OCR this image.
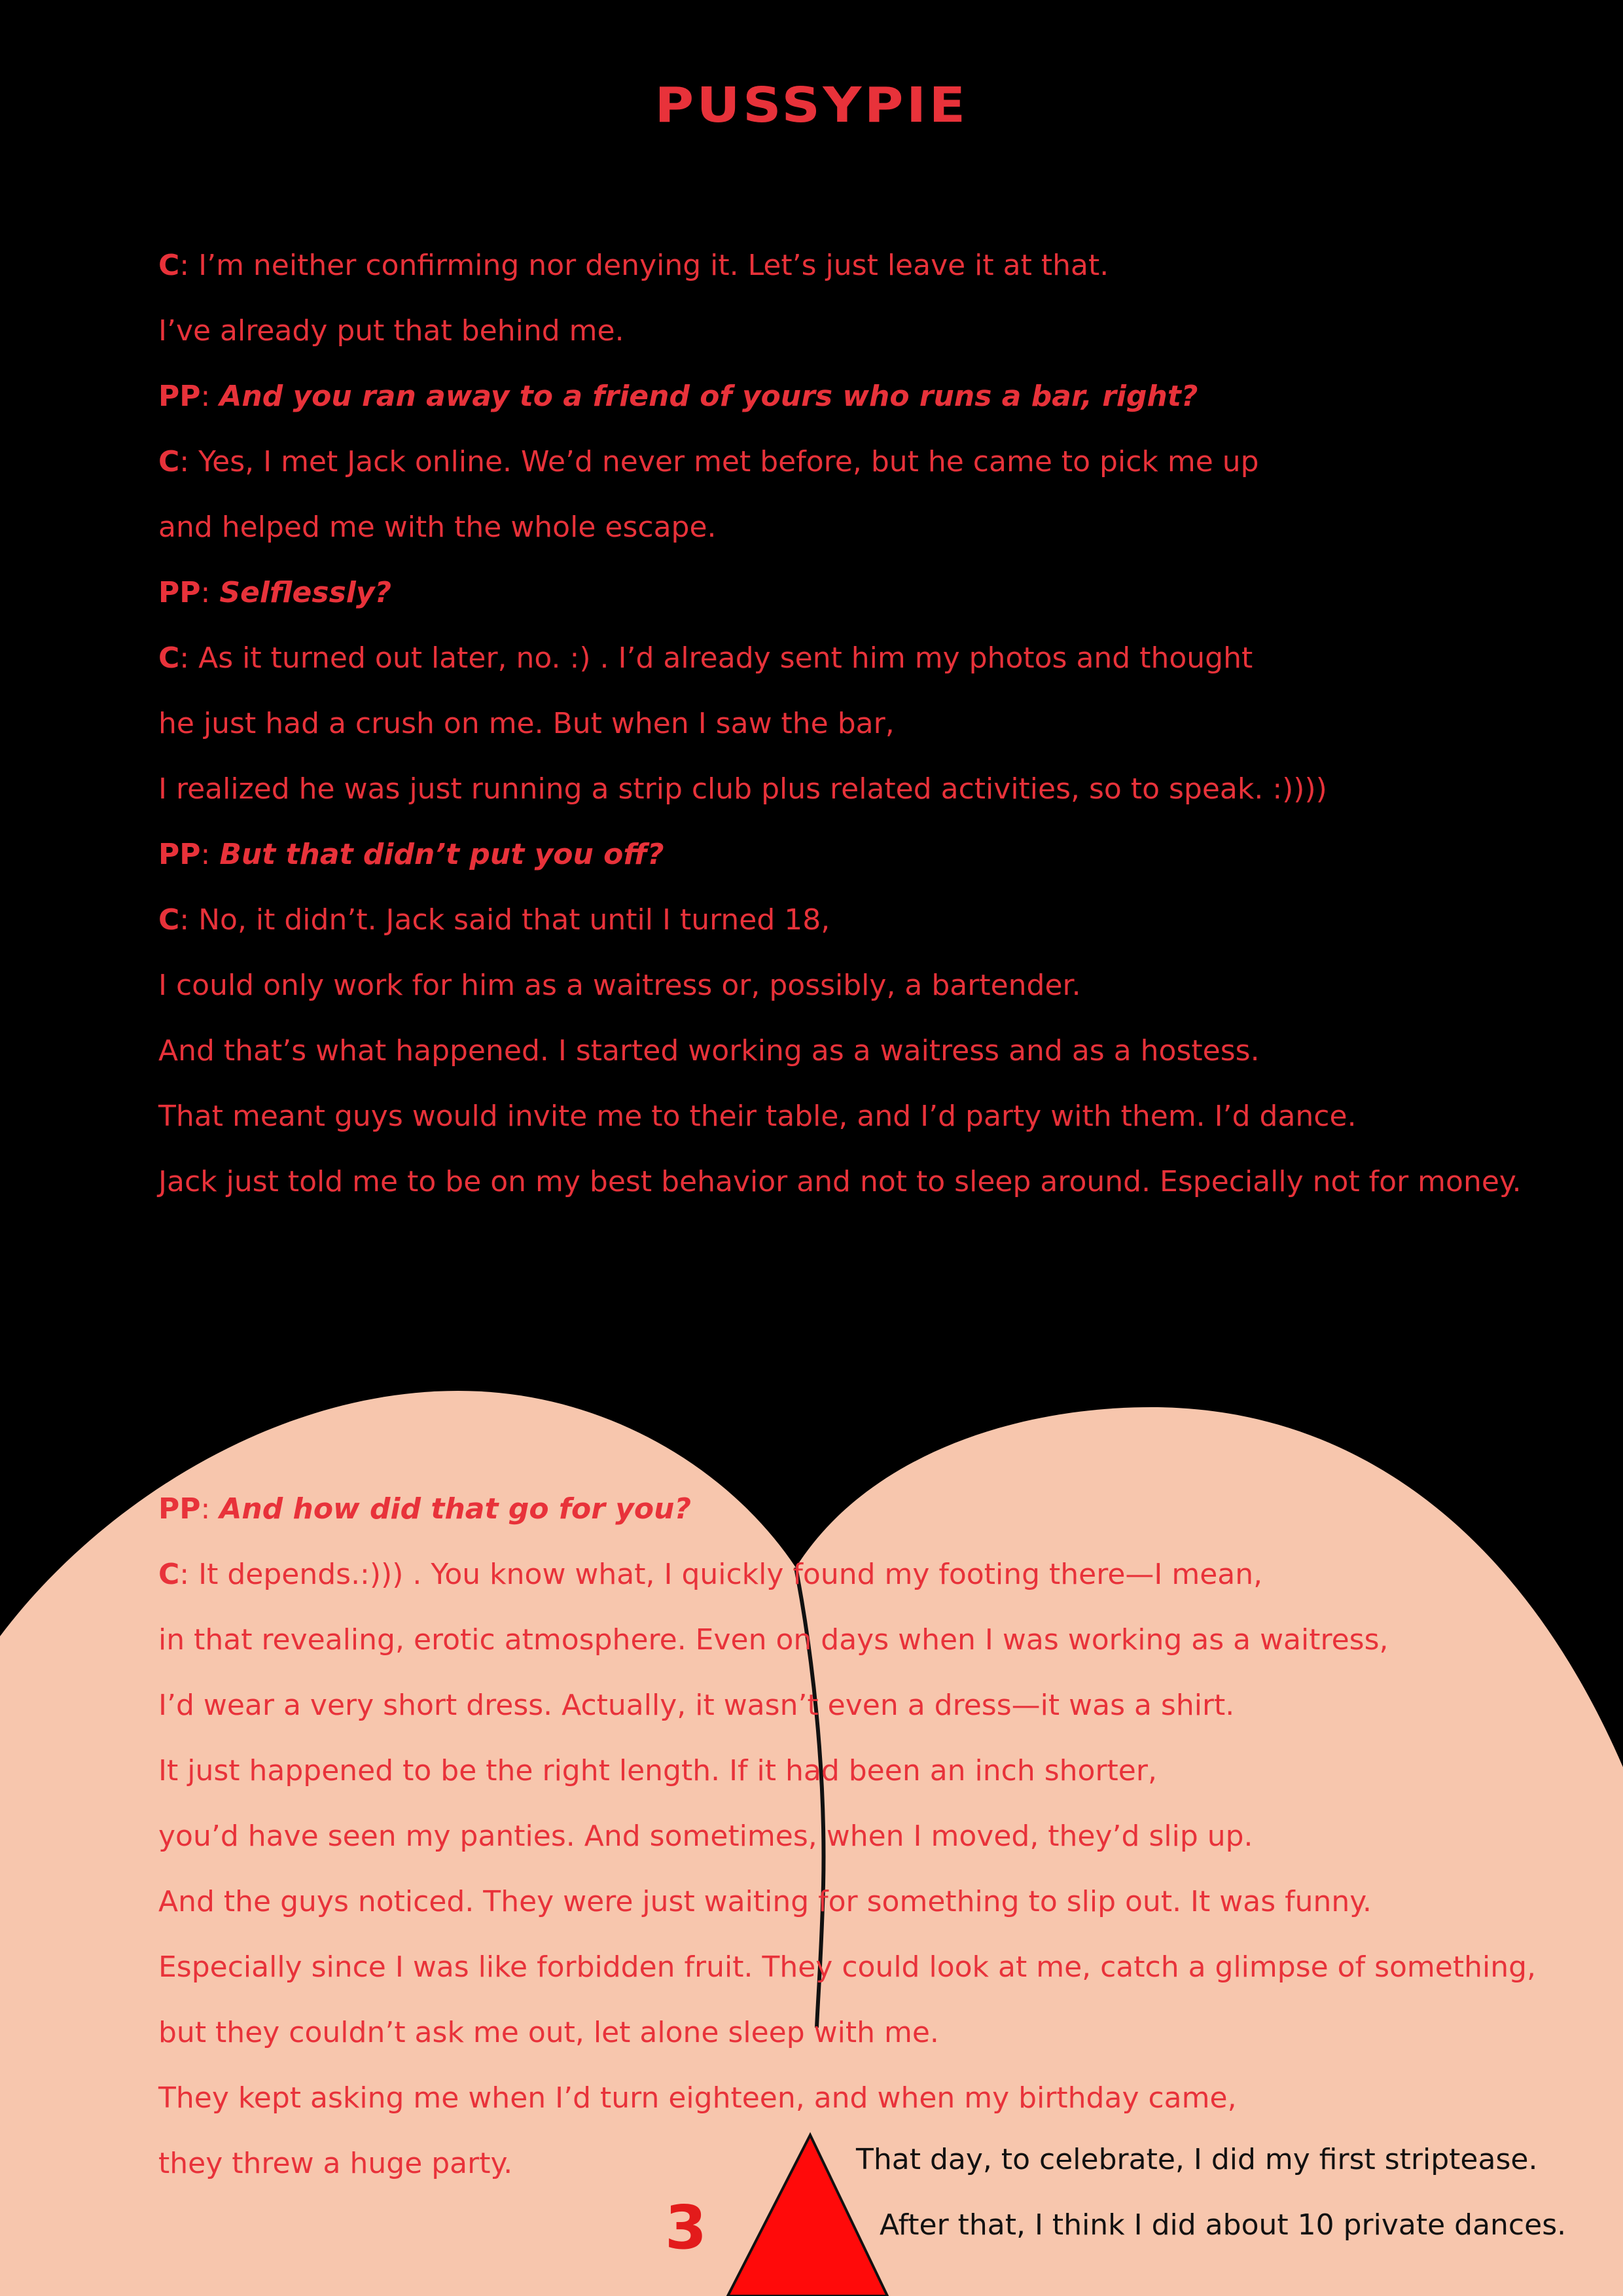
PUSSYPIE
C: I’m neither confirming nor denying it. Let’s just leave it at that.
I’ve already put that behind me.
PP: And you ran away to a friend of yours who runs a bar, right?
C: Yes, I met Jack online. We’d never met before, but he came to pick me up
and helped me with the whole escape.
PP: Selflessly?
C: As it turned out later, no. :) . I’d already sent him my photos and thought
he just had a crush on me. But when I saw the bar,
I realized he was just running a strip club plus related activities, so to speak. :))))
PP: But that didn’t put you off?
C: No, it didn’t. Jack said that until I turned 18,
I could only work for him as a waitress or, possibly, a bartender.
And that’s what happened. I started working as a waitress and as a hostess.
That meant guys would invite me to their table, and I’d party with them. I’d dance.
Jack just told me to be on my best behavior and not to sleep around. Especially not for money.
PP: And how did that go for you?
C: It depends.:))) . You know what, I quickly found my footing there—I mean,
in that revealing, erotic atmosphere. Even on days when I was working as a waitress,
I’d wear a very short dress. Actually, it wasn’t even a dress—it was a shirt.
It just happened to be the right length. If it had been an inch shorter,
you’d have seen my panties. And sometimes, when I moved, they’d slip up.
And the guys noticed. They were just waiting for something to slip out. It was funny.
Especially since I was like forbidden fruit. They could look at me, catch a glimpse of something,
but they couldn’t ask me out, let alone sleep with me.
They kept asking me when I’d turn eighteen, and when my birthday came,
they threw a huge party.	That day, to celebrate, I did my first striptease.
After that, I think I did about 10 private dances.
3
